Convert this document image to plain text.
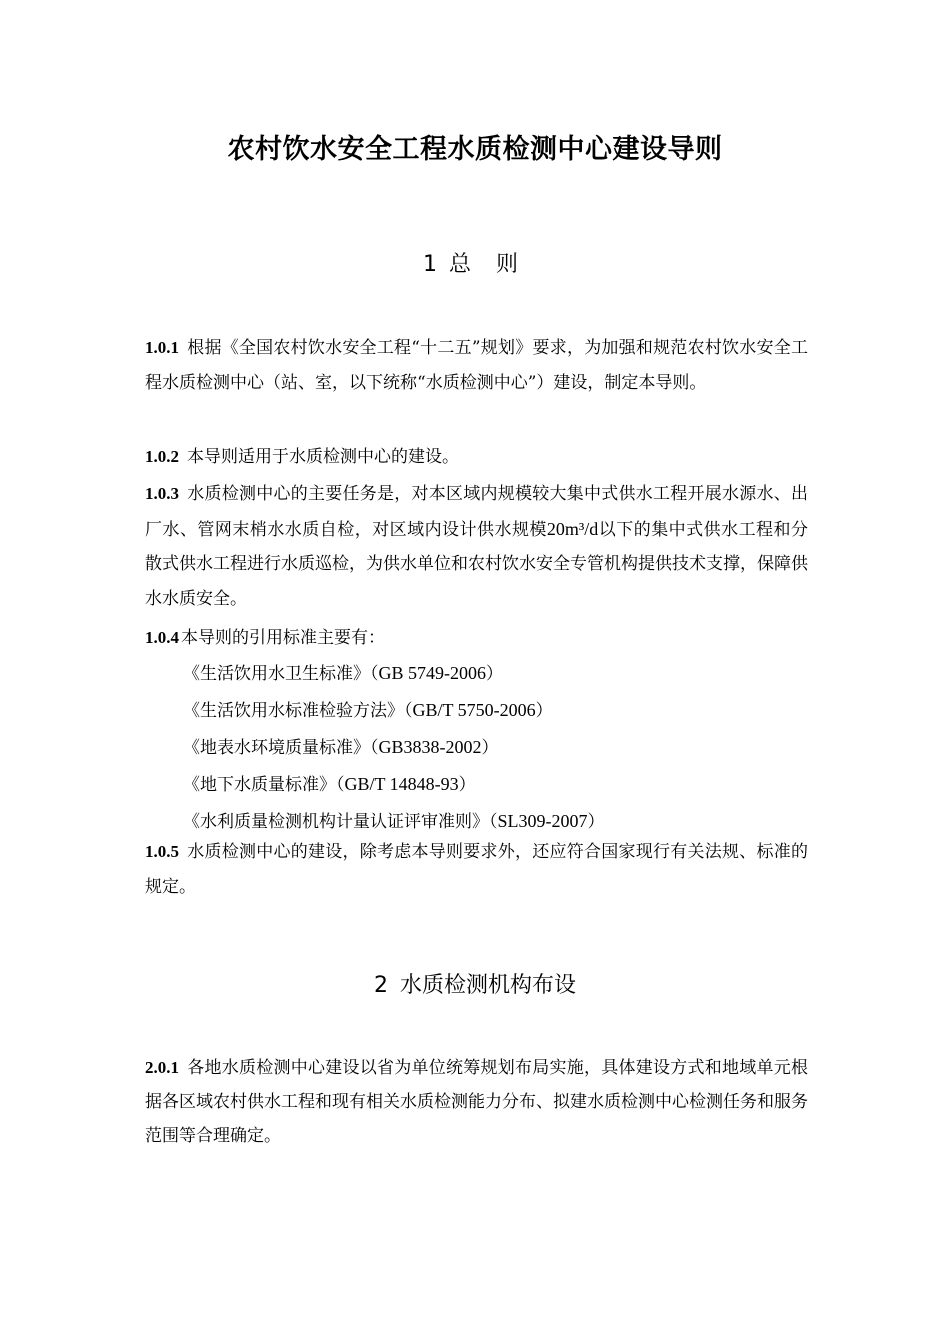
农村饮水安全工程水质检测中心建设导则
1 总 则
1.0.1 根据《全国农村饮水安全工程“十二五”规划》要求，为加强和规范农村饮水安全工程水质检测中心（站、室，以下统称“水质检测中心”）建设，制定本导则。
1.0.2 本导则适用于水质检测中心的建设。
1.0.3 水质检测中心的主要任务是，对本区域内规模较大集中式供水工程开展水源水、出厂水、管网末梢水水质自检，对区域内设计供水规模20m³/d以下的集中式供水工程和分散式供水工程进行水质巡检，为供水单位和农村饮水安全专管机构提供技术支撑，保障供水水质安全。
1.0.4 本导则的引用标准主要有：
《生活饮用水卫生标准》（GB 5749-2006）
《生活饮用水标准检验方法》（GB/T 5750-2006）
《地表水环境质量标准》（GB3838-2002）
《地下水质量标准》（GB/T 14848-93）
《水利质量检测机构计量认证评审准则》（SL309-2007）
1.0.5 水质检测中心的建设，除考虑本导则要求外，还应符合国家现行有关法规、标准的规定。
2 水质检测机构布设
2.0.1 各地水质检测中心建设以省为单位统筹规划布局实施，具体建设方式和地域单元根据各区域农村供水工程和现有相关水质检测能力分布、拟建水质检测中心检测任务和服务范围等合理确定。
